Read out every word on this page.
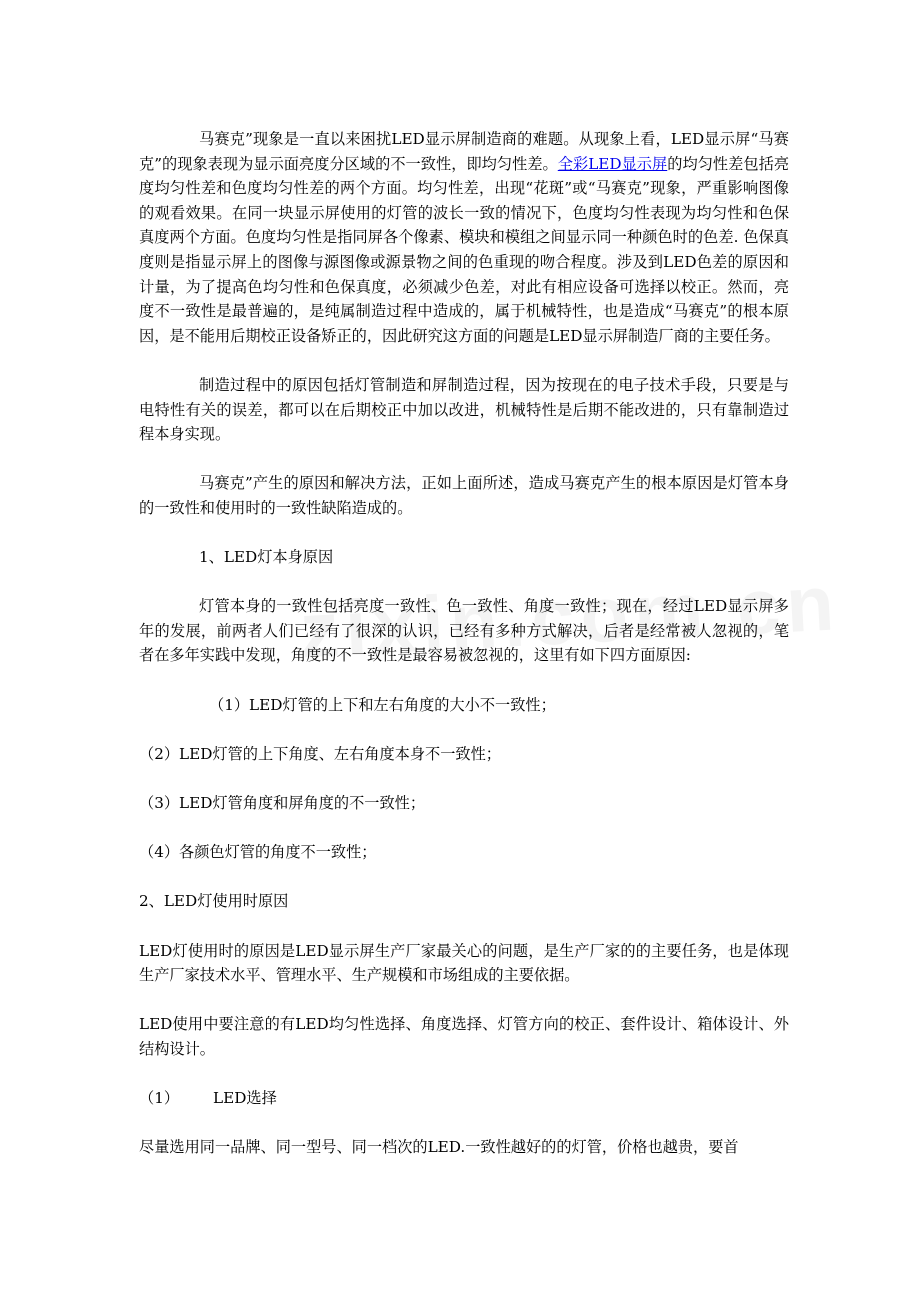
马赛克”现象是一直以来困扰LED显示屏制造商的难题。从现象上看，LED显示屏“马赛克”的现象表现为显示面亮度分区域的不一致性，即均匀性差。全彩LED显示屏的均匀性差包括亮度均匀性差和色度均匀性差的两个方面。均匀性差，出现“花斑”或“马赛克”现象，严重影响图像的观看效果。在同一块显示屏使用的灯管的波长一致的情况下，色度均匀性表现为均匀性和色保真度两个方面。色度均匀性是指同屏各个像素、模块和模组之间显示同一种颜色时的色差. 色保真度则是指显示屏上的图像与源图像或源景物之间的色重现的吻合程度。涉及到LED色差的原因和计量，为了提高色均匀性和色保真度，必须减少色差，对此有相应设备可选择以校正。然而，亮度不一致性是最普遍的，是纯属制造过程中造成的，属于机械特性，也是造成“马赛克”的根本原因，是不能用后期校正设备矫正的，因此研究这方面的问题是LED显示屏制造厂商的主要任务。

制造过程中的原因包括灯管制造和屏制造过程，因为按现在的电子技术手段，只要是与电特性有关的误差，都可以在后期校正中加以改进，机械特性是后期不能改进的，只有靠制造过程本身实现。

马赛克”产生的原因和解决方法，正如上面所述，造成马赛克产生的根本原因是灯管本身的一致性和使用时的一致性缺陷造成的。

1、LED灯本身原因

灯管本身的一致性包括亮度一致性、色一致性、角度一致性；现在，经过LED显示屏多年的发展，前两者人们已经有了很深的认识，已经有多种方式解决，后者是经常被人忽视的，笔者在多年实践中发现，角度的不一致性是最容易被忽视的，这里有如下四方面原因:

（1）LED灯管的上下和左右角度的大小不一致性；

（2）LED灯管的上下角度、左右角度本身不一致性；

（3）LED灯管角度和屏角度的不一致性；

（4）各颜色灯管的角度不一致性；

2、LED灯使用时原因

LED灯使用时的原因是LED显示屏生产厂家最关心的问题，是生产厂家的的主要任务，也是体现生产厂家技术水平、管理水平、生产规模和市场组成的主要依据。

LED使用中要注意的有LED均匀性选择、角度选择、灯管方向的校正、套件设计、箱体设计、外结构设计。

（1） LED选择

尽量选用同一品牌、同一型号、同一档次的LED.一致性越好的的灯管，价格也越贵，要首
